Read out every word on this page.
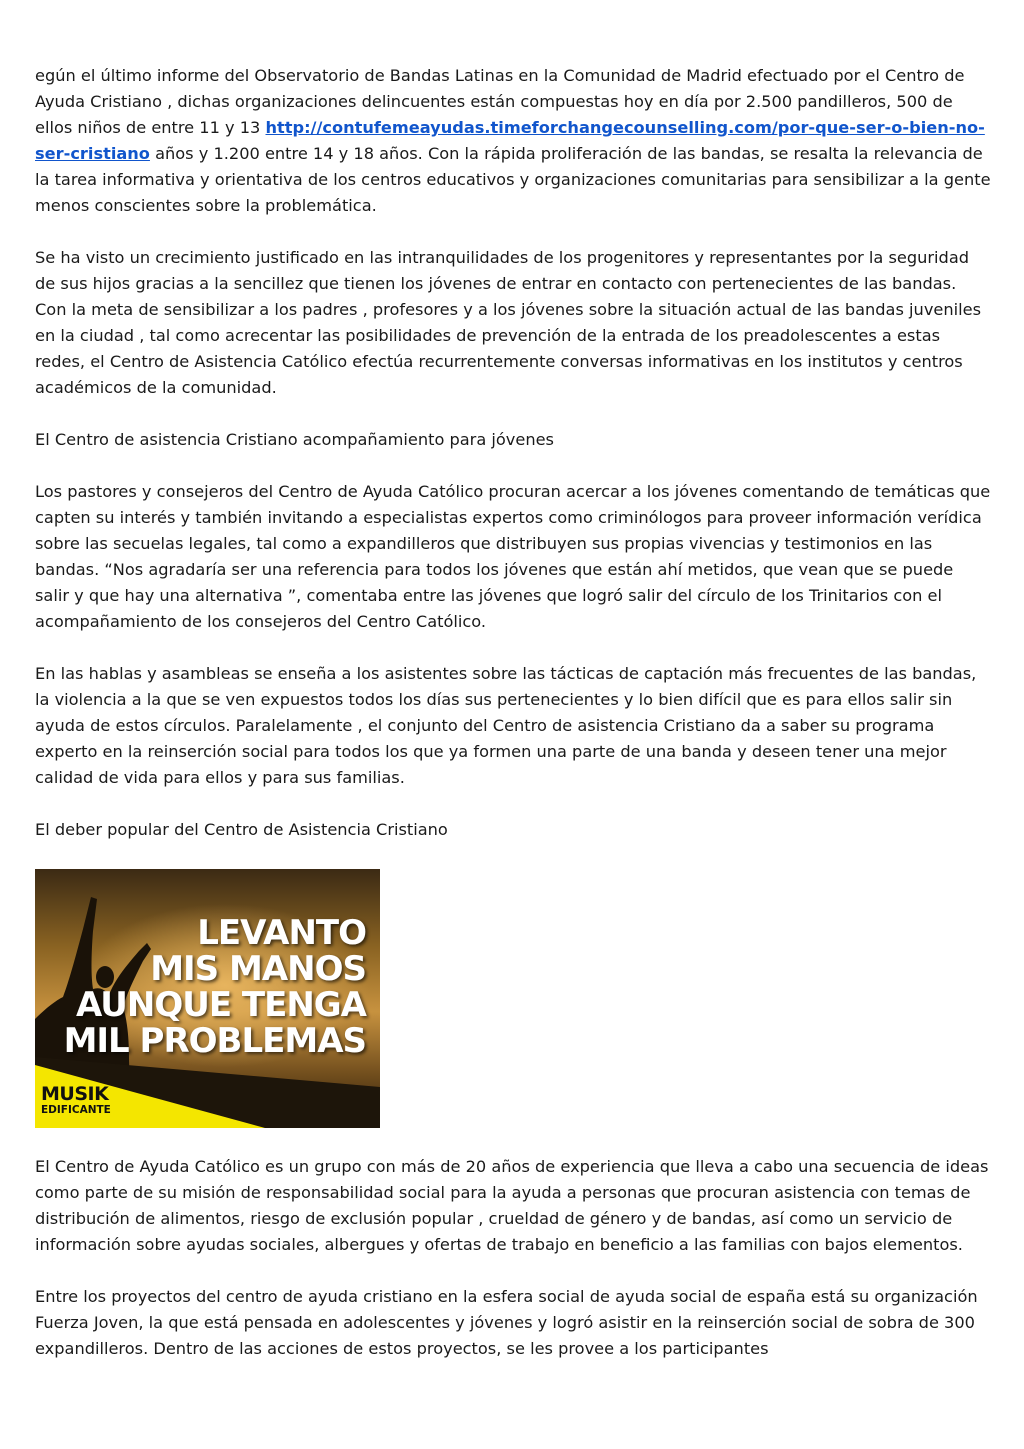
egún el último informe del Observatorio de Bandas Latinas en la Comunidad de Madrid efectuado por el Centro de Ayuda Cristiano , dichas organizaciones delincuentes están compuestas hoy en día por 2.500 pandilleros, 500 de ellos niños de entre 11 y 13 http://contufemeayudas.timeforchangecounselling.com/por-que-ser-o-bien-no-ser-cristiano años y 1.200 entre 14 y 18 años. Con la rápida proliferación de las bandas, se resalta la relevancia de la tarea informativa y orientativa de los centros educativos y organizaciones comunitarias para sensibilizar a la gente menos conscientes sobre la problemática.

Se ha visto un crecimiento justificado en las intranquilidades de los progenitores y representantes por la seguridad de sus hijos gracias a la sencillez que tienen los jóvenes de entrar en contacto con pertenecientes de las bandas. Con la meta de sensibilizar a los padres , profesores y a los jóvenes sobre la situación actual de las bandas juveniles en la ciudad , tal como acrecentar las posibilidades de prevención de la entrada de los preadolescentes a estas redes, el Centro de Asistencia Católico efectúa recurrentemente conversas informativas en los institutos y centros académicos de la comunidad.

El Centro de asistencia Cristiano acompañamiento para jóvenes

Los pastores y consejeros del Centro de Ayuda Católico procuran acercar a los jóvenes comentando de temáticas que capten su interés y también invitando a especialistas expertos como criminólogos para proveer información verídica sobre las secuelas legales, tal como a expandilleros que distribuyen sus propias vivencias y testimonios en las bandas. “Nos agradaría ser una referencia para todos los jóvenes que están ahí metidos, que vean que se puede salir y que hay una alternativa ”, comentaba entre las jóvenes que logró salir del círculo de los Trinitarios con el acompañamiento de los consejeros del Centro Católico.

En las hablas y asambleas se enseña a los asistentes sobre las tácticas de captación más frecuentes de las bandas, la violencia a la que se ven expuestos todos los días sus pertenecientes y lo bien difícil que es para ellos salir sin ayuda de estos círculos. Paralelamente , el conjunto del Centro de asistencia Cristiano da a saber su programa experto en la reinserción social para todos los que ya formen una parte de una banda y deseen tener una mejor calidad de vida para ellos y para sus familias.

El deber popular del Centro de Asistencia Cristiano

LEVANTO
MIS MANOS
AUNQUE TENGA
MIL PROBLEMAS
MUSIK
EDIFICANTE

El Centro de Ayuda Católico es un grupo con más de 20 años de experiencia que lleva a cabo una secuencia de ideas como parte de su misión de responsabilidad social para la ayuda a personas que procuran asistencia con temas de distribución de alimentos, riesgo de exclusión popular , crueldad de género y de bandas, así como un servicio de información sobre ayudas sociales, albergues y ofertas de trabajo en beneficio a las familias con bajos elementos.

Entre los proyectos del centro de ayuda cristiano en la esfera social de ayuda social de españa está su organización Fuerza Joven, la que está pensada en adolescentes y jóvenes y logró asistir en la reinserción social de sobra de 300 expandilleros. Dentro de las acciones de estos proyectos, se les provee a los participantes
